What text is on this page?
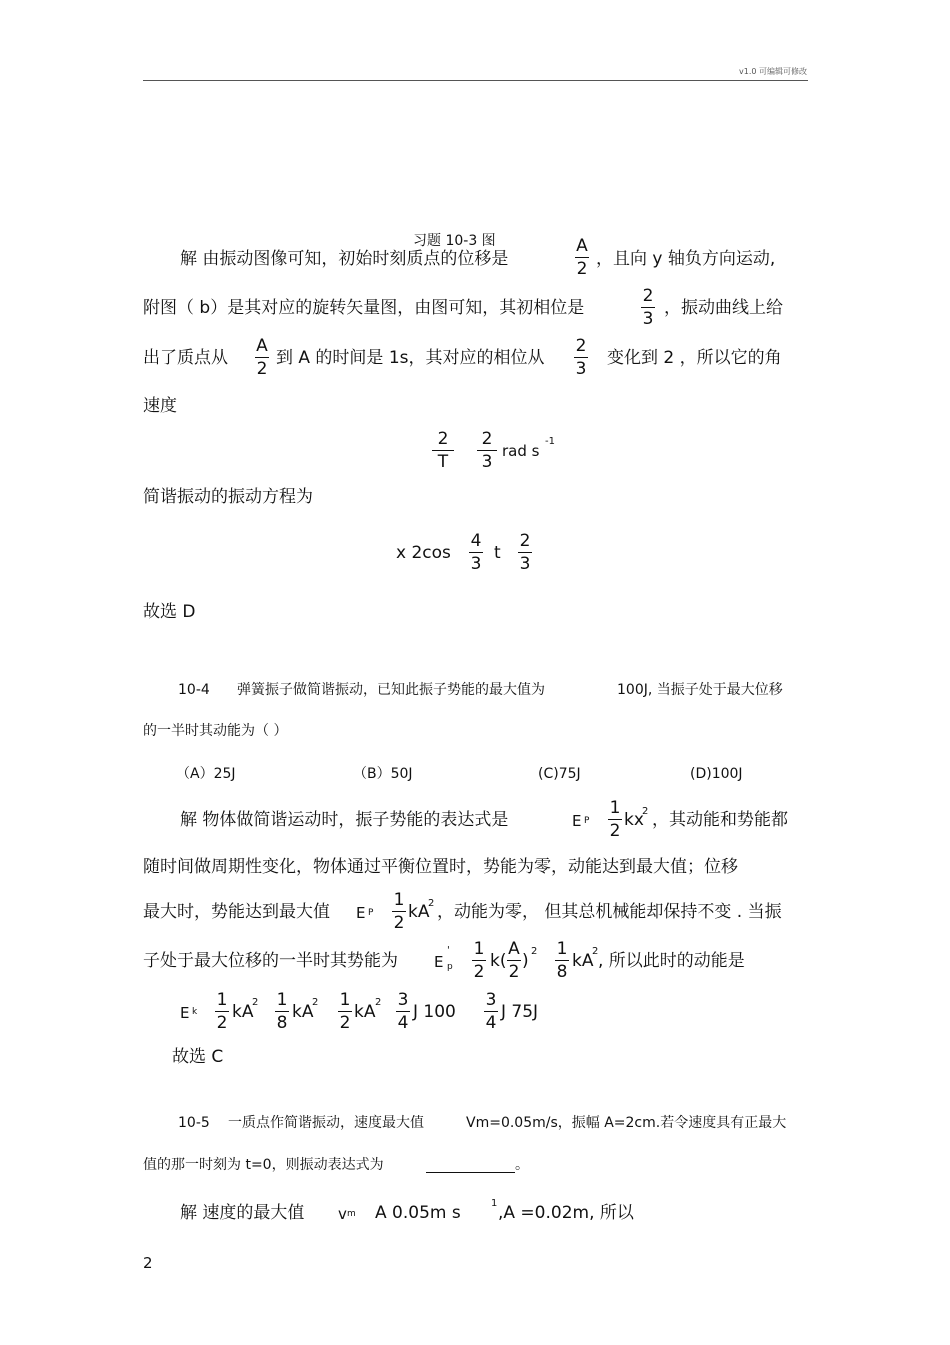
v1.0 可编辑可修改
习题 10-3 图
解 由振动图像可知，初始时刻质点的位移是
A
2 ，且向 y 轴负方向运动,
附图（ b）是其对应的旋转矢量图，由图可知，其初相位是
2
3
，振动曲线上给
出了质点从
A
2
到 A 的时间是 1s，其对应的相位从
2
3
变化到 2 ，所以它的角
速度
2
T
2
3
rad s
-1
简谐振动的振动方程为
x 2cos
4
3
t
2
3
故选 D
10-4 弹簧振子做简谐振动，已知此振子势能的最大值为	100J, 当振子处于最大位移
的一半时其动能为（ ）
（A）25J	（B）50J	(C)75J	(D)100J
解 物体做简谐运动时，振子势能的表达式是	E P
1
2
kx
2 ，其动能和势能都
随时间做周期性变化，物体通过平衡位置时，势能为零，动能达到最大值；位移
最大时，势能达到最大值 E P
1
2
kA
2 ，动能为零， 但其总机械能却保持不变 . 当振
子处于最大位移的一半时其势能为 E
'
p
1
2
k(
A
2
) 2 1
8
kA
2 , 所以此时的动能是
E k
1
2
kA
2 1
8
kA
2 1
2
kA 2 3
4
J 100
3
4
J 75J
故选 C
10-5 一质点作简谐振动，速度最大值	Vm=0.05m/s，振幅 A=2cm.若令速度具有正最大
值的那一时刻为 t=0，则振动表达式为	。
解 速度的最大值 v m A 0.05m s	1 ,A =0.02m, 所以
2
